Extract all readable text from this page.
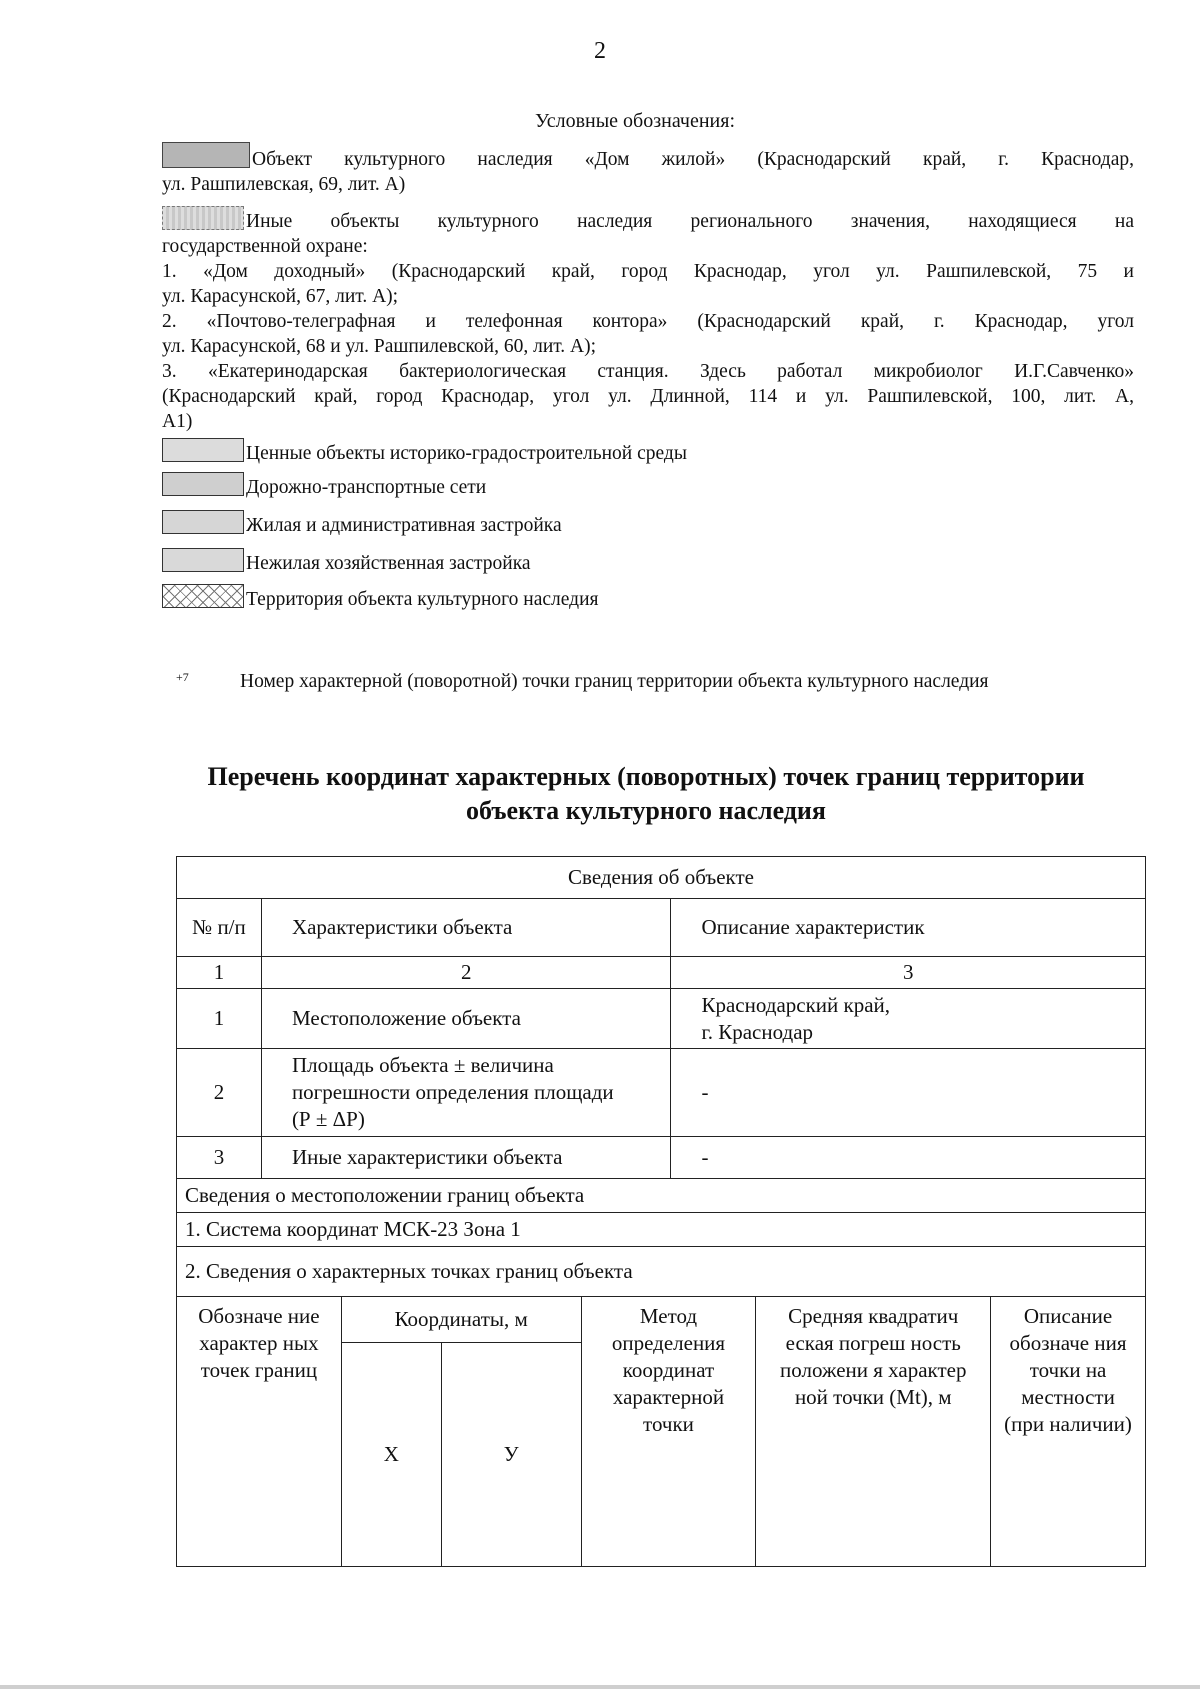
2
Условные обозначения:
Объект культурного наследия «Дом жилой» (Краснодарский край, г. Краснодар,
ул. Рашпилевская, 69, лит. А)
Иные объекты культурного наследия регионального значения, находящиеся на
государственной охране:
1. «Дом доходный» (Краснодарский край, город Краснодар, угол ул. Рашпилевской, 75 и
ул. Карасунской, 67, лит. А);
2. «Почтово-телеграфная и телефонная контора» (Краснодарский край, г. Краснодар, угол
ул. Карасунской, 68 и ул. Рашпилевской, 60, лит. А);
3. «Екатеринодарская бактериологическая станция. Здесь работал микробиолог И.Г.Савченко»
(Краснодарский край, город Краснодар, угол ул. Длинной, 114 и ул. Рашпилевской, 100, лит. А,
А1)
Ценные объекты историко-градостроительной среды
Дорожно-транспортные сети
Жилая и административная застройка
Нежилая хозяйственная застройка
Территория объекта культурного наследия
+7	Номер характерной (поворотной) точки границ территории объекта культурного наследия
Перечень координат характерных (поворотных) точек границ территории
объекта культурного наследия
Сведения об объекте							
№ п/п	Характеристики объекта				Описание характеристик		
1	2				3		
1	Местоположение объекта				Краснодарский край,
г. Краснодар		

2	Площадь объекта ± величина
погрешности определения площади
(Р ± ΔР)				-		
3	Иные характеристики объекта				-		
Сведения о местоположении границ объекта							
1. Система координат МСК-23 Зона 1							
2. Сведения о характерных точках границ объекта							
Обозначе ние характер ных точек границ		Координаты, м		Метод определения координат характерной точки		Средняя квадратич еская погреш ность положени я характер ной точки (Mt), м	Описание обозначе ния точки на местности (при наличии)
		X	У				
